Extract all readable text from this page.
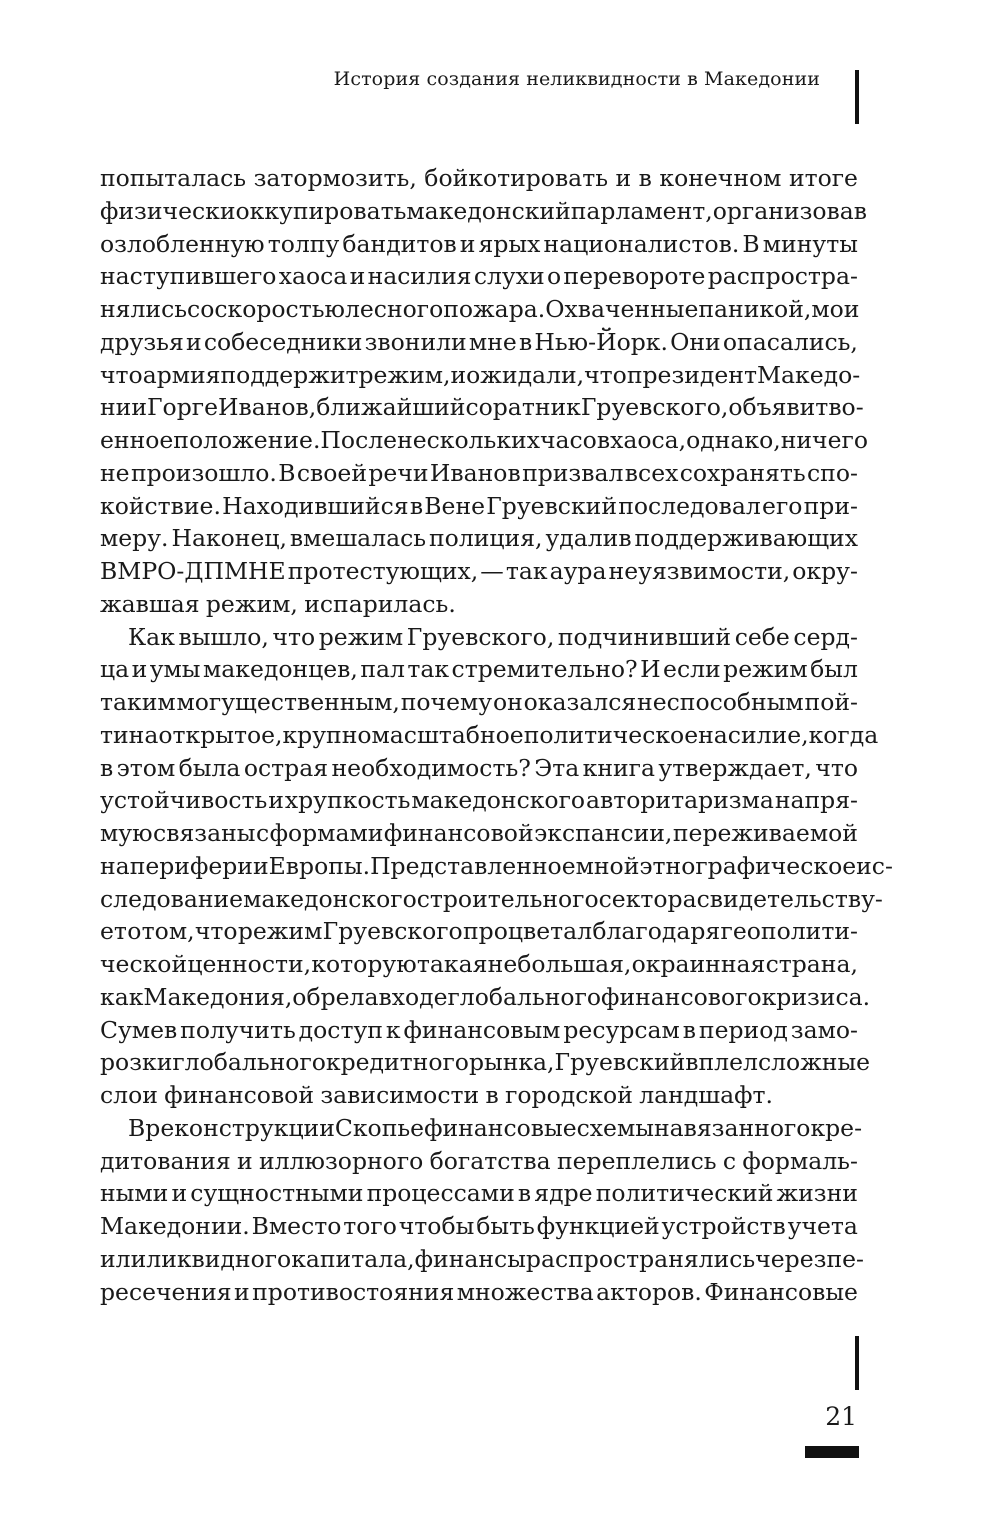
История создания неликвидности в Македонии
попыталась затормозить, бойкотировать и в конечном итоге
физически оккупировать македонский парламент, организовав
озлобленную толпу бандитов и ярых националистов. В минуты
наступившего хаоса и насилия слухи о перевороте распростра-
нялись со скоростью лесного пожара. Охваченные паникой, мои
друзья и собеседники звонили мне в Нью-Йорк. Они опасались,
что армия поддержит режим, и ожидали, что президент Македо-
нии Горге Иванов, ближайший соратник Груевского, объявит во-
енное положение. После нескольких часов хаоса, однако, ничего
не произошло. В своей речи Иванов призвал всех сохранять спо-
койствие. Находившийся в Вене Груевский последовал его при-
меру. Наконец, вмешалась полиция, удалив поддерживающих
ВМРО-ДПМНЕ протестующих, — так аура неуязвимости, окру-
жавшая режим, испарилась.
Как вышло, что режим Груевского, подчинивший себе серд-
ца и умы македонцев, пал так стремительно? И если режим был
таким могущественным, почему он оказался неспособным пой-
ти на открытое, крупномасштабное политическое насилие, когда
в этом была острая необходимость? Эта книга утверждает, что
устойчивость и хрупкость македонского авторитаризма напря-
мую связаны с формами финансовой экспансии, переживаемой
на периферии Европы. Представленное мной этнографическое ис-
следование македонского строительного сектора свидетельству-
ет о том, что режим Груевского процветал благодаря геополити-
ческой ценности, которую такая небольшая, окраинная страна,
как Македония, обрела в ходе глобального финансового кризиса.
Сумев получить доступ к финансовым ресурсам в период замо-
розки глобального кредитного рынка, Груевский вплел сложные
слои финансовой зависимости в городской ландшафт.
В реконструкции Скопье финансовые схемы навязанного кре-
дитования и иллюзорного богатства переплелись с формаль-
ными и сущностными процессами в ядре политический жизни
Македонии. Вместо того чтобы быть функцией устройств учета
или ликвидного капитала, финансы распространялись через пе-
ресечения и противостояния множества акторов. Финансовые
21
